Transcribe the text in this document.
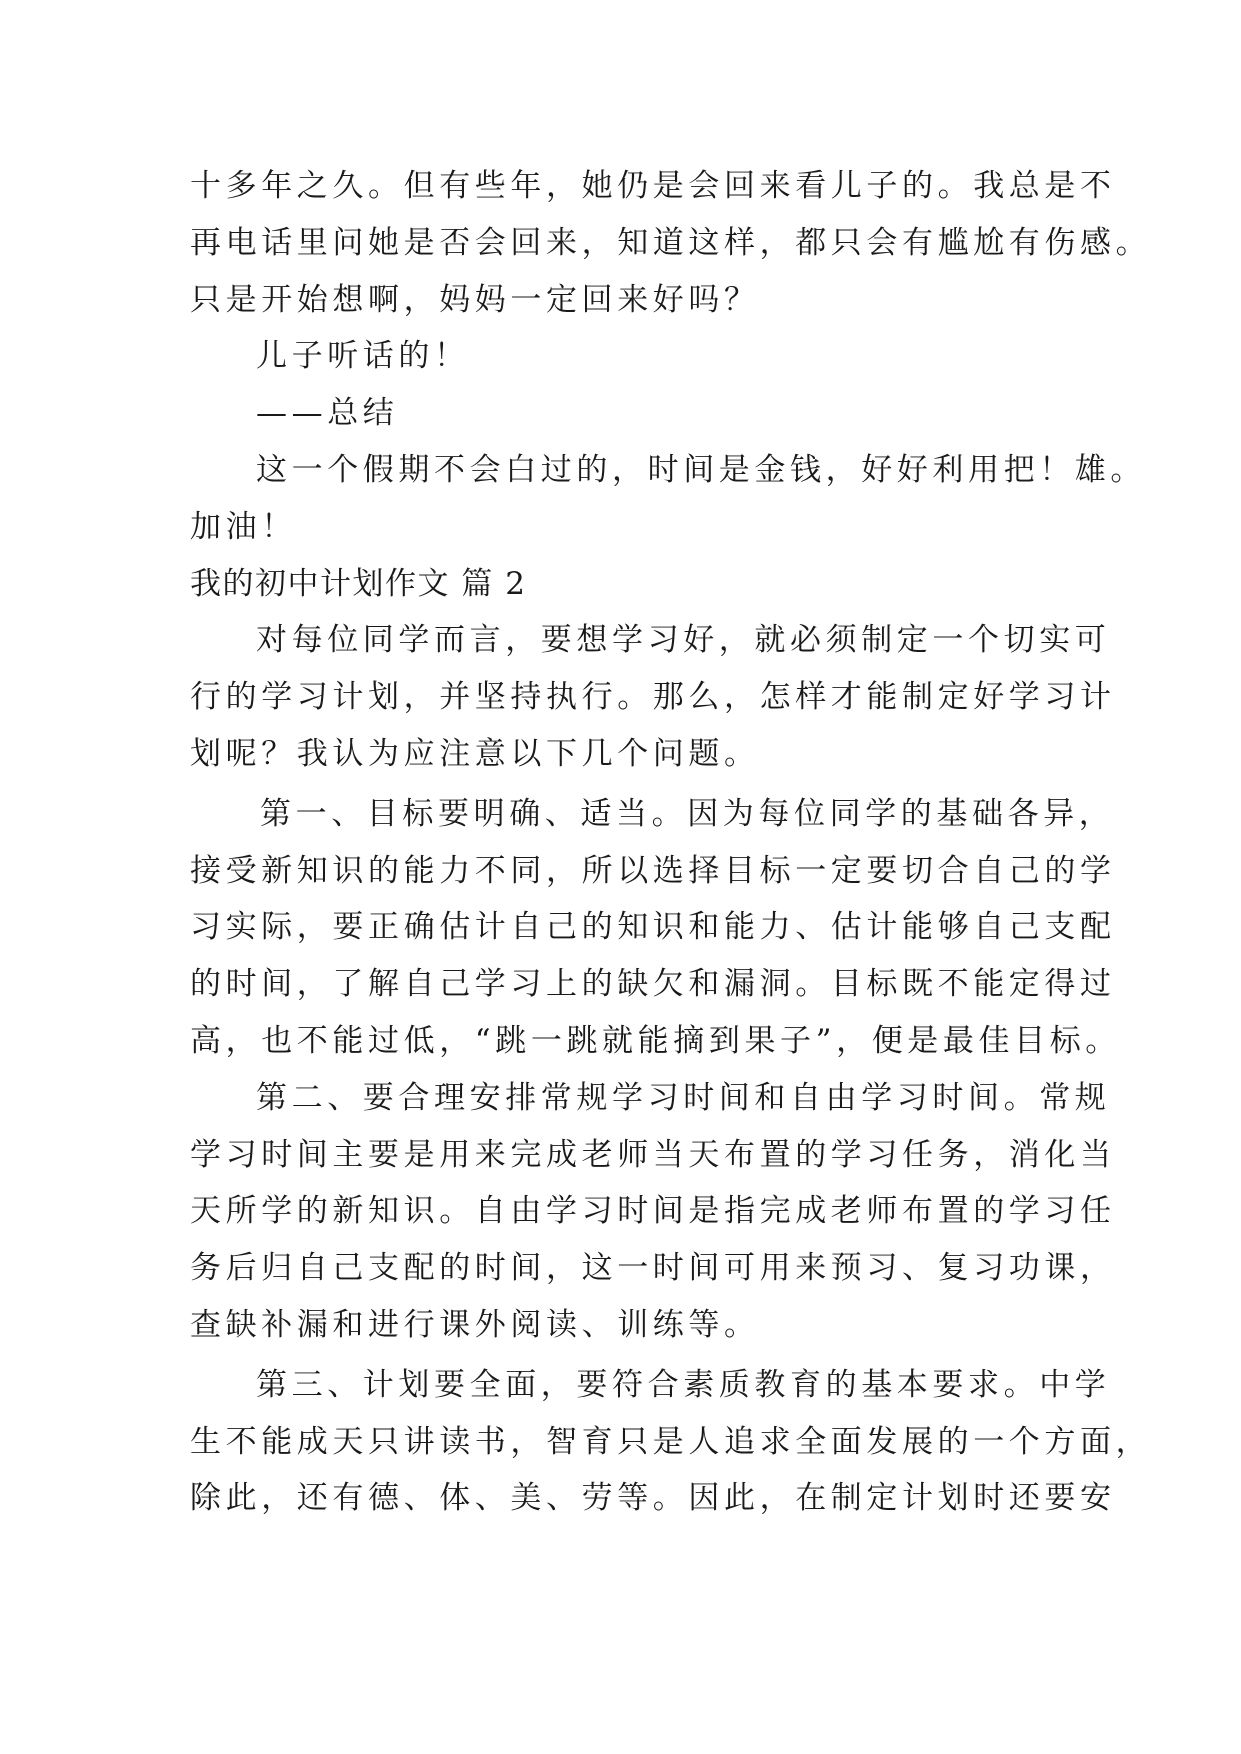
十多年之久。但有些年，她仍是会回来看儿子的。我总是不
再电话里问她是否会回来，知道这样，都只会有尴尬有伤感。
只是开始想啊，妈妈一定回来好吗？
儿子听话的！
——总结
这一个假期不会白过的，时间是金钱，好好利用把！雄。
加油！
我的初中计划作文 篇 2
对每位同学而言，要想学习好，就必须制定一个切实可
行的学习计划，并坚持执行。那么，怎样才能制定好学习计
划呢？我认为应注意以下几个问题。
第一、目标要明确、适当。因为每位同学的基础各异，
接受新知识的能力不同，所以选择目标一定要切合自己的学
习实际，要正确估计自己的知识和能力、估计能够自己支配
的时间，了解自己学习上的缺欠和漏洞。目标既不能定得过
高，也不能过低，“跳一跳就能摘到果子”，便是最佳目标。
第二、要合理安排常规学习时间和自由学习时间。常规
学习时间主要是用来完成老师当天布置的学习任务，消化当
天所学的新知识。自由学习时间是指完成老师布置的学习任
务后归自己支配的时间，这一时间可用来预习、复习功课，
查缺补漏和进行课外阅读、训练等。
第三、计划要全面，要符合素质教育的基本要求。中学
生不能成天只讲读书，智育只是人追求全面发展的一个方面，
除此，还有德、体、美、劳等。因此，在制定计划时还要安
